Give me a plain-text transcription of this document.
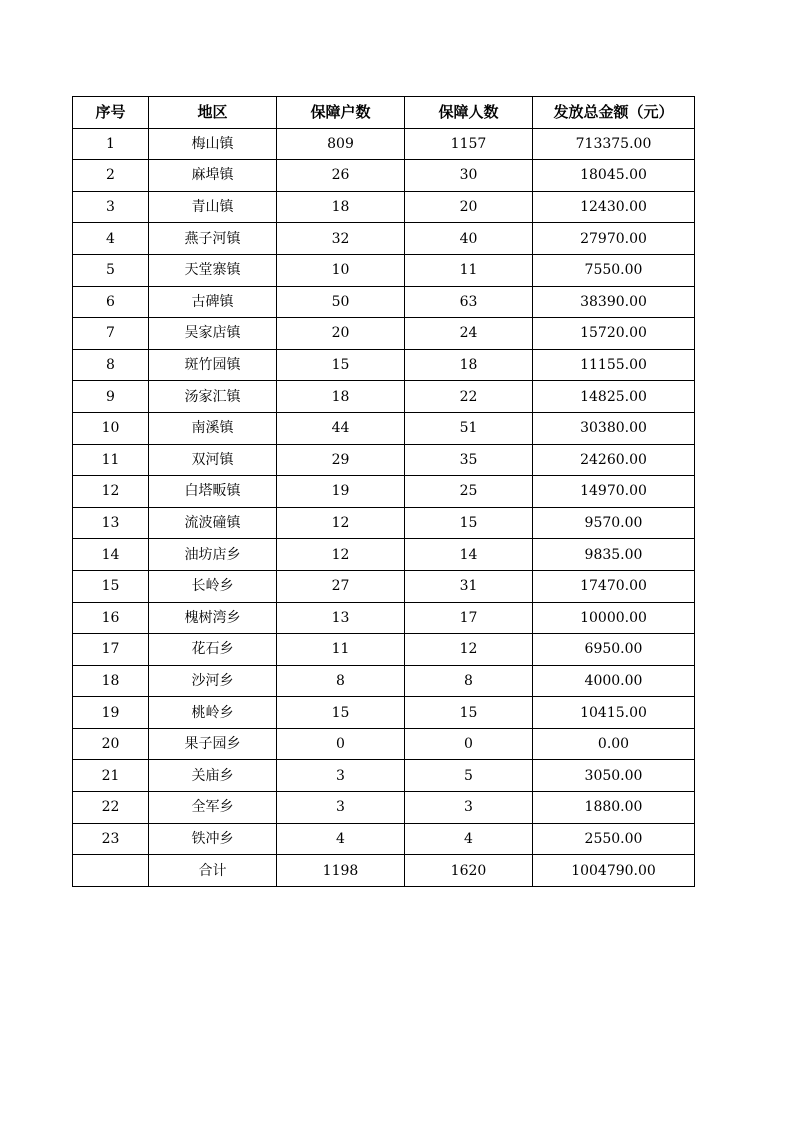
序号	地区	保障户数	保障人数	发放总金额（元）
1	梅山镇	809	1157	713375.00
2	麻埠镇	26	30	18045.00
3	青山镇	18	20	12430.00
4	燕子河镇	32	40	27970.00
5	天堂寨镇	10	11	7550.00
6	古碑镇	50	63	38390.00
7	吴家店镇	20	24	15720.00
8	斑竹园镇	15	18	11155.00
9	汤家汇镇	18	22	14825.00
10	南溪镇	44	51	30380.00
11	双河镇	29	35	24260.00
12	白塔畈镇	19	25	14970.00
13	流波䃥镇	12	15	9570.00
14	油坊店乡	12	14	9835.00
15	长岭乡	27	31	17470.00
16	槐树湾乡	13	17	10000.00
17	花石乡	11	12	6950.00
18	沙河乡	8	8	4000.00
19	桃岭乡	15	15	10415.00
20	果子园乡	0	0	0.00
21	关庙乡	3	5	3050.00
22	全军乡	3	3	1880.00
23	铁冲乡	4	4	2550.00
	合计	1198	1620	1004790.00
